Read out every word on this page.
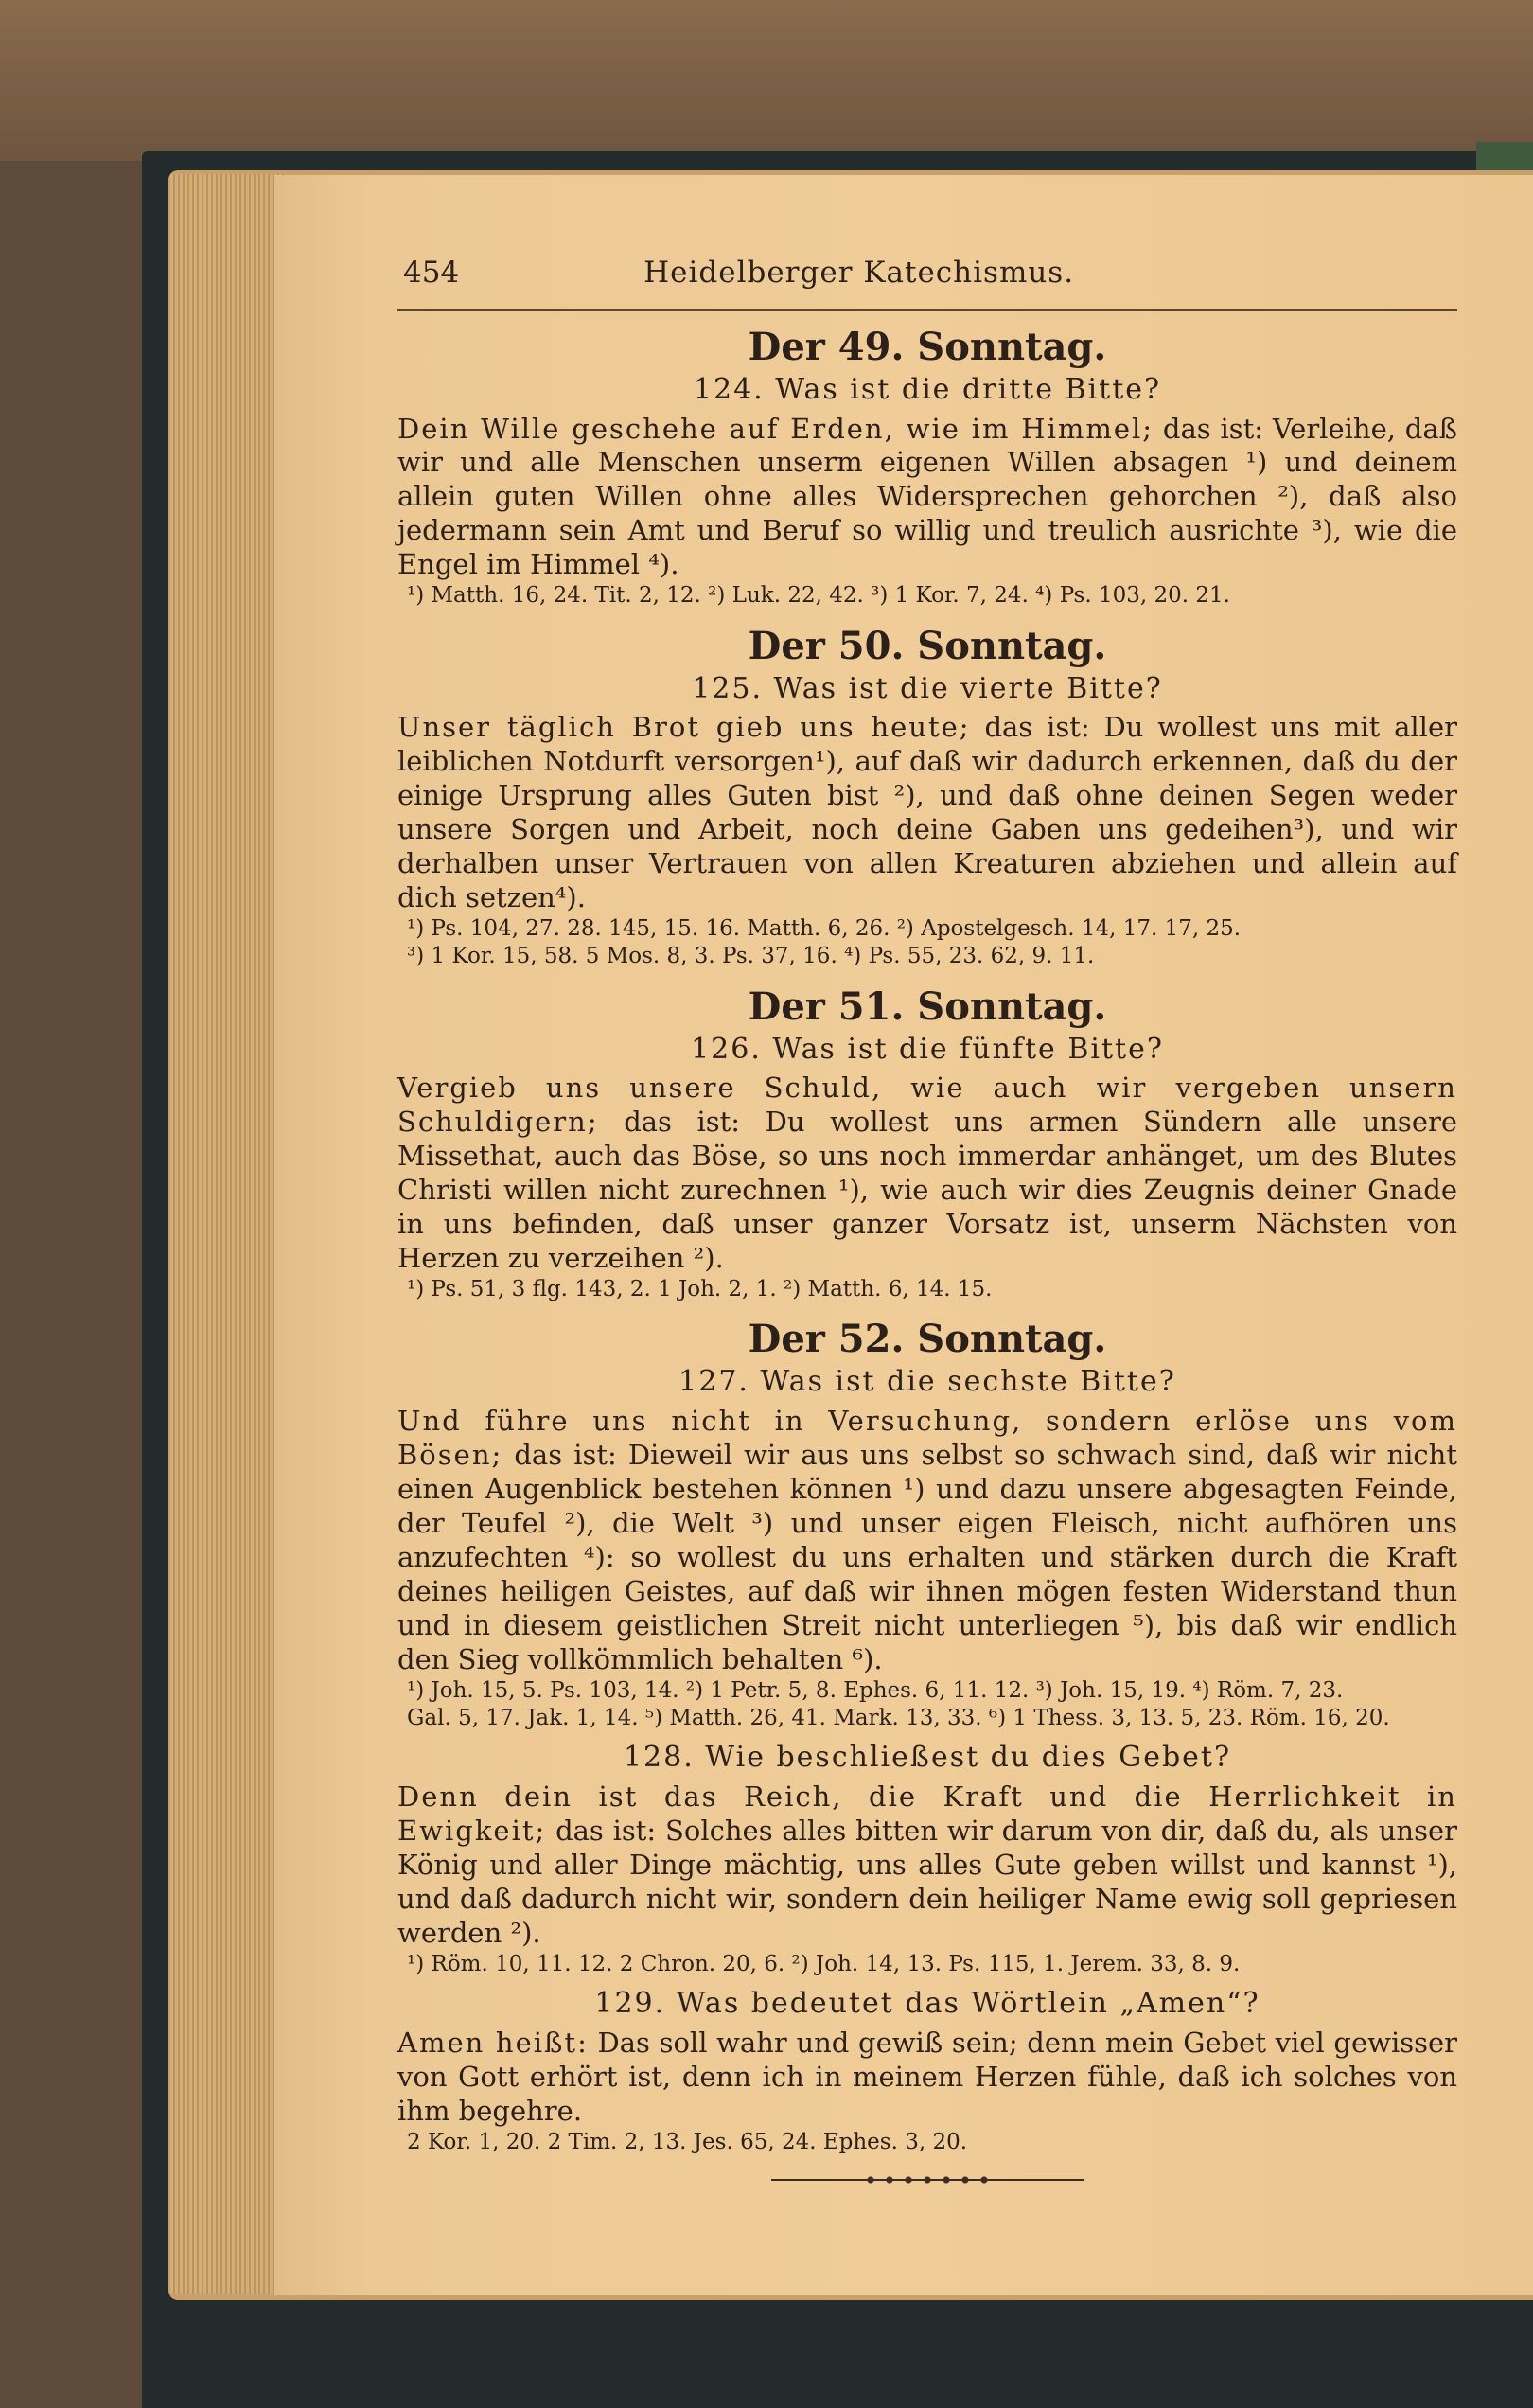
454	Heidelberger Katechismus.
Der 49. Sonntag.
124. Was ist die dritte Bitte?

Dein Wille geschehe auf Erden, wie im Himmel; das ist: Verleihe, daß wir und alle Menschen unserm eigenen Willen absagen ¹) und deinem allein guten Willen ohne alles Widersprechen gehorchen ²), daß also jedermann sein Amt und Beruf so willig und treulich ausrichte ³), wie die Engel im Himmel ⁴).

¹) Matth. 16, 24. Tit. 2, 12. ²) Luk. 22, 42. ³) 1 Kor. 7, 24. ⁴) Ps. 103, 20. 21.
Der 50. Sonntag.
125. Was ist die vierte Bitte?

Unser täglich Brot gieb uns heute; das ist: Du wollest uns mit aller leiblichen Notdurft versorgen¹), auf daß wir dadurch erkennen, daß du der einige Ursprung alles Guten bist ²), und daß ohne deinen Segen weder unsere Sorgen und Arbeit, noch deine Gaben uns gedeihen³), und wir derhalben unser Vertrauen von allen Kreaturen abziehen und allein auf dich setzen⁴).

¹) Ps. 104, 27. 28. 145, 15. 16. Matth. 6, 26. ²) Apostelgesch. 14, 17. 17, 25.
³) 1 Kor. 15, 58. 5 Mos. 8, 3. Ps. 37, 16. ⁴) Ps. 55, 23. 62, 9. 11.
Der 51. Sonntag.
126. Was ist die fünfte Bitte?

Vergieb uns unsere Schuld, wie auch wir vergeben unsern Schuldigern; das ist: Du wollest uns armen Sündern alle unsere Missethat, auch das Böse, so uns noch immerdar anhänget, um des Blutes Christi willen nicht zurechnen ¹), wie auch wir dies Zeugnis deiner Gnade in uns befinden, daß unser ganzer Vorsatz ist, unserm Nächsten von Herzen zu verzeihen ²).

¹) Ps. 51, 3 flg. 143, 2. 1 Joh. 2, 1. ²) Matth. 6, 14. 15.
Der 52. Sonntag.
127. Was ist die sechste Bitte?

Und führe uns nicht in Versuchung, sondern erlöse uns vom Bösen; das ist: Dieweil wir aus uns selbst so schwach sind, daß wir nicht einen Augenblick bestehen können ¹) und dazu unsere abgesagten Feinde, der Teufel ²), die Welt ³) und unser eigen Fleisch, nicht aufhören uns anzufechten ⁴): so wollest du uns erhalten und stärken durch die Kraft deines heiligen Geistes, auf daß wir ihnen mögen festen Widerstand thun und in diesem geistlichen Streit nicht unterliegen ⁵), bis daß wir endlich den Sieg vollkömmlich behalten ⁶).

¹) Joh. 15, 5. Ps. 103, 14. ²) 1 Petr. 5, 8. Ephes. 6, 11. 12. ³) Joh. 15, 19. ⁴) Röm. 7, 23.
Gal. 5, 17. Jak. 1, 14. ⁵) Matth. 26, 41. Mark. 13, 33. ⁶) 1 Thess. 3, 13. 5, 23. Röm. 16, 20.
128. Wie beschließest du dies Gebet?

Denn dein ist das Reich, die Kraft und die Herrlichkeit in Ewigkeit; das ist: Solches alles bitten wir darum von dir, daß du, als unser König und aller Dinge mächtig, uns alles Gute geben willst und kannst ¹), und daß dadurch nicht wir, sondern dein heiliger Name ewig soll gepriesen werden ²).

¹) Röm. 10, 11. 12. 2 Chron. 20, 6. ²) Joh. 14, 13. Ps. 115, 1. Jerem. 33, 8. 9.
129. Was bedeutet das Wörtlein „Amen“?

Amen heißt: Das soll wahr und gewiß sein; denn mein Gebet viel gewisser von Gott erhört ist, denn ich in meinem Herzen fühle, daß ich solches von ihm begehre.

2 Kor. 1, 20. 2 Tim. 2, 13. Jes. 65, 24. Ephes. 3, 20.
